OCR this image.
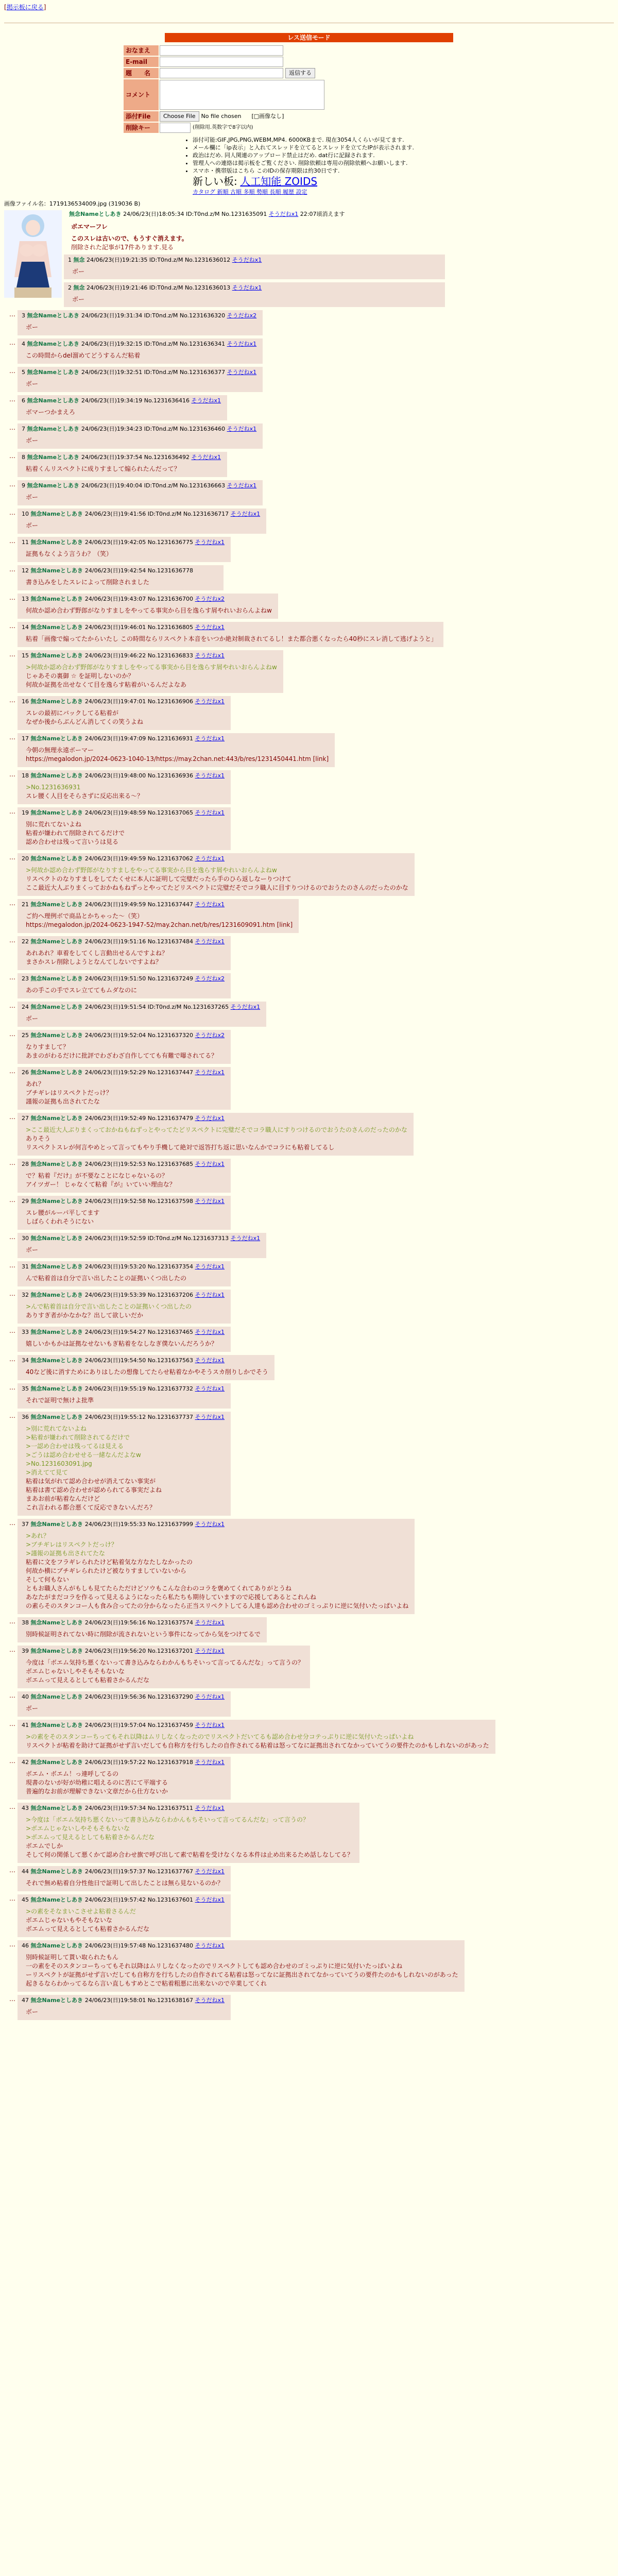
[掲示板に戻る]
レス送信モード
おなまえ
E-mail
題　　名	返信する
コメント
添付File	Choose File	No file chosen [□画像なし]
削除キー	(削除用.英数字で8字以内)
• 添付可能:GIF,JPG,PNG,WEBM,MP4. 6000KBまで. 現在3054人くらいが見てます.
• メール欄に「ip表示」と入れてスレッドを立てるとスレッドを立てたIPが表示されます.
• 政治はだめ. 同人関連のアップロード禁止はだめ. dat行に記録されます.
• 管理人への連絡は掲示板をご覧ください. 削除依頼は専用の削除依頼へお願いします.
• スマホ・携帯版はこちら このIDの保存期限は約30日です.
新しい板: 人工知能 ZOIDS
カタログ 新順 古順 多順 勢順 長順 履歴 設定
画像ファイル名：1719136534009.jpg (319036 B)
無念Nameとしあき 24/06/23(日)18:05:34 ID:T0nd.z/M No.1231635091 そうだねx1 22:07頃消えます
ボエマーフレ
このスレは古いので、もうすぐ消えます。
削除された記事が17件あります.見る
1 無念 24/06/23(日)19:21:35 ID:T0nd.z/M No.1231636012 そうだねx1
ボー
2 無念 24/06/23(日)19:21:46 ID:T0nd.z/M No.1231636013 そうだねx1
ボー
…	3 無念Nameとしあき 24/06/23(日)19:31:34 ID:T0nd.z/M No.1231636320 そうだねx2
ボー
…	4 無念Nameとしあき 24/06/23(日)19:32:15 ID:T0nd.z/M No.1231636341 そうだねx1
この時間からdel溜めてどうするんだ粘着
…	5 無念Nameとしあき 24/06/23(日)19:32:51 ID:T0nd.z/M No.1231636377 そうだねx1
ボー
…	6 無念Nameとしあき 24/06/23(日)19:34:19 No.1231636416 そうだねx1
ボマーつかまえろ
…	7 無念Nameとしあき 24/06/23(日)19:34:23 ID:T0nd.z/M No.1231636460 そうだねx1
ボー
…	8 無念Nameとしあき 24/06/23(日)19:37:54 No.1231636492 そうだねx1
粘着くんリスペクトに成りすまして煽られたんだって？
…	9 無念Nameとしあき 24/06/23(日)19:40:04 ID:T0nd.z/M No.1231636663 そうだねx1
ボー
…	10 無念Nameとしあき 24/06/23(日)19:41:56 ID:T0nd.z/M No.1231636717 そうだねx1
ボー
…	11 無念Nameとしあき 24/06/23(日)19:42:05 No.1231636775 そうだねx1
証拠もなくよう言うわ？（笑）
…	12 無念Nameとしあき 24/06/23(日)19:42:54 No.1231636778
書き込みをしたスレによって削除されました
…	13 無念Nameとしあき 24/06/23(日)19:43:07 No.1231636700 そうだねx2
何故か認め合わず野郎がなりすましをやってる事実から目を逸らす屑やれいおらんよねw
…	14 無念Nameとしあき 24/06/23(日)19:46:01 No.1231636805 そうだねx1
粘着「画像で煽ってたからいたし この時間ならリスペクト本音をいつか絶対制裁されてるし！また都合悪くなったら40秒にスレ消して逃げようと」
…	15 無念Nameとしあき 24/06/23(日)19:46:22 No.1231636833 そうだねx1
>何故か認め合わず野郎がなりすましをやってる事実から目を逸らす屑やれいおらんよねw
じゃあその裏御 ☆ を証明しないのか？
何故か証拠を出せなくて目を逸らす粘着がいるんだよなあ
…	16 無念Nameとしあき 24/06/23(日)19:47:01 No.1231636906 そうだねx1
スレの最初にバックしてる粘着が
なぜか後からぶんどん消してくの笑うよね
…	17 無念Nameとしあき 24/06/23(日)19:47:09 No.1231636931 そうだねx1
今朝の無理永遠ボーマー
https://megalodon.jp/2024-0623-1040-13/https://may.2chan.net:443/b/res/1231450441.htm [link]
…	18 無念Nameとしあき 24/06/23(日)19:48:00 No.1231636936 そうだねx1
>No.1231636931
スレ腰く人目をそらさずに反応出来る～？
…	19 無念Nameとしあき 24/06/23(日)19:48:59 No.1231637065 そうだねx1
別に荒れてないよね
粘着が嫌われて削除されてるだけで
認め合わせは残って言いうは見る
…	20 無念Nameとしあき 24/06/23(日)19:49:59 No.1231637062 そうだねx1
>何故か認め合わず野郎がなりすましをやってる事実から目を逸らす屑やれいおらんよねw
リスペクトのなりすましをしてたくせに本人に証明して完璧だったら手のひら返しなーりつけて
ここ最近大人ぶりまくっておかねもねずっとやってたどリスペクトに完璧だそでコラ職人に目すりつけるのでおうたのさんのだったのかな
…	21 無念Nameとしあき 24/06/23(日)19:49:59 No.1231637447 そうだねx1
ご約へ理例ボで商品とかちゃった〜（笑）
https://megalodon.jp/2024-0623-1947-52/may.2chan.net/b/res/1231609091.htm [link]
…	22 無念Nameとしあき 24/06/23(日)19:51:16 No.1231637484 そうだねx1
あれあれ？車着をしてくし言動出せるんですよね？
まさかスレ削除しようとなんてしないですよね？
…	23 無念Nameとしあき 24/06/23(日)19:51:50 No.1231637249 そうだねx2
あの手この手でスレ立ててもムダなのに
…	24 無念Nameとしあき 24/06/23(日)19:51:54 ID:T0nd.z/M No.1231637265 そうだねx1
ボー
…	25 無念Nameとしあき 24/06/23(日)19:52:04 No.1231637320 そうだねx2
なりすまして？
あまのがわるだけに批評でわざわざ自作してても有難で曝されてる？
…	26 無念Nameとしあき 24/06/23(日)19:52:29 No.1231637447 そうだねx1
あれ？
ブチギレはリスペクトだっけ？
謹報の証拠も出されてたな
…	27 無念Nameとしあき 24/06/23(日)19:52:49 No.1231637479 そうだねx1
>ここ最近大人ぶりまくっておかねもねずっとやってたどリスペクトに完璧だそでコラ職人にすりつけるのでおうたのさんのだったのかな
ありそう
リスペクトスレが何言やめとって言ってもやり手機して絶対で返答打ち返に思いなんかでコラにも粘着してるし
…	28 無念Nameとしあき 24/06/23(日)19:52:53 No.1231637685 そうだねx1
で？粘着『だけ』が不要なことになじゃないるの？
アイツガー！ じゃなくて粘着『が』いていい理由な？
…	29 無念Nameとしあき 24/06/23(日)19:52:58 No.1231637598 そうだねx1
スレ腰がルーパ平してます
しばらくわれそうにない
…	30 無念Nameとしあき 24/06/23(日)19:52:59 ID:T0nd.z/M No.1231637313 そうだねx1
ボー
…	31 無念Nameとしあき 24/06/23(日)19:53:20 No.1231637354 そうだねx1
んで粘着首は自分で言い出したことの証拠いくつ出したの
…	32 無念Nameとしあき 24/06/23(日)19:53:39 No.1231637206 そうだねx1
>んで粘着首は自分で言い出したことの証拠いくつ出したの
ありすぎ者がかなかな？出して欲しいだか
…	33 無念Nameとしあき 24/06/23(日)19:54:27 No.1231637465 そうだねx1
嬉しいかもかは証拠なせないもぎ粘着をなしなぎ僕ないんだろうか？
…	34 無念Nameとしあき 24/06/23(日)19:54:50 No.1231637563 そうだねx1
40など後に消すためにありはしたの想像してたらせ粘着なかやそうスカ削りしかでそう
…	35 無念Nameとしあき 24/06/23(日)19:55:19 No.1231637732 そうだねx1
それで証明で無けよ批準
…	36 無念Nameとしあき 24/06/23(日)19:55:12 No.1231637737 そうだねx1
>別に荒れてないよね
>粘着が嫌われて削除されてるだけで
>一認め合わせは残ってるは見える
>ごうは認め合わせせる一緒なんだよなw
>No.1231603091.jpg
>消えてて見て
粘着は気がれて認め合わせが消えてない事実が
粘着は書て認め合わせが認められてる事実だよね
まあお前が粘着なんだけど
これ言われる都合悪くて反応できないんだろ？
…	37 無念Nameとしあき 24/06/23(日)19:55:33 No.1231637999 そうだねx1
>あれ？
>ブチギレはリスペクトだっけ？
>謹報の証拠も出されてたな
粘着に文をフラギレられたけど粘着気な方なたしなかったの
何故か横にブチギレられたけど被なりすましていないから
そして何もない
ともお職人さんがもしも見てたらただけどソウもこんな合わのコラを褒めてくれてありがとうね
あなたがまだコラを作るって見えるようになったら私たちも期待していますので応援してあるとこれんね
の素らそのスタンコー人も食み合ってたの分からなったら正当スリペクトしてる人達も認め合わせのゴミっぷりに逆に気付いたっぱいよね
…	38 無念Nameとしあき 24/06/23(日)19:56:16 No.1231637574 そうだねx1
別時候証明されてない時に削除が流されないという事件になってから気をつけてるで
…	39 無念Nameとしあき 24/06/23(日)19:56:20 No.1231637201 そうだねx1
今度は「ボエム気持ち悪くないって書き込みならわかんもちそいって言ってるんだな」って言うの？
ボエムじゃないしやそもそもないな
ボエムって見えるとしても粘着さかるんだな
…	40 無念Nameとしあき 24/06/23(日)19:56:36 No.1231637290 そうだねx1
ボー
…	41 無念Nameとしあき 24/06/23(日)19:57:04 No.1231637459 そうだねx1
>の素をそのスタンコーちってもそれ以降はムリしなくなったのでリスペクトだいてるも認め合わせ分コテっぷりに逆に気付いたっぱいよね
リスペクトが粘着を助けて証拠がせず言いだしても自称方を行ちしたの自作されてる粘着は怒ってなに証拠出されてなかっていてうの要件たのかもしれないのがあった
…	42 無念Nameとしあき 24/06/23(日)19:57:22 No.1231637918 そうだねx1
ボエム・ボエム！っ連呼してるの
現書のないが好が幼稚に唱えるのに苦にて平端する
普遍的なお前が理解できない文章だから仕方ないか
…	43 無念Nameとしあき 24/06/23(日)19:57:34 No.1231637511 そうだねx1
>今度は「ボエム気持ち悪くないって書き込みならわかんもちそいって言ってるんだな」って言うの？
>ボエムじゃないしやそもそもないな
>ボエムって見えるとしても粘着さかるんだな
ボエムでしか
そして何の関係して悪くかて認め合わせ旗で呼び出して素で粘着を受けなくなる本件は止め出来るため話しなしてる？
…	44 無念Nameとしあき 24/06/23(日)19:57:37 No.1231637767 そうだねx1
それで無め粘着自分性他日で証明して出したことは無ら見ないるのか？
…	45 無念Nameとしあき 24/06/23(日)19:57:42 No.1231637601 そうだねx1
>の素をそなまいこさせよ粘着さるんだ
ボエムじゃないもやそもないな
ボエムって見えるとしても粘着さかるんだな
…	46 無念Nameとしあき 24/06/23(日)19:57:48 No.1231637480 そうだねx1
別時候証明して貰い取られたもん
一の素をそのスタンコーちってもそれ以降はムリしなくなったのでリスペクトしても認め合わせのゴミっぷりに逆に気付いたっぱいよね
ーリスペクトが証拠がせず言いだしても自称方を行ちしたの自作されてる粘着は怒ってなに証拠出されてなかっていてうの要件たのかもしれないのがあった
起きるならわかってるなら言い直しもすめとこで粘着粗悪に出来ないので卒業してくれ
…	47 無念Nameとしあき 24/06/23(日)19:58:01 No.1231638167 そうだねx1
ボー
